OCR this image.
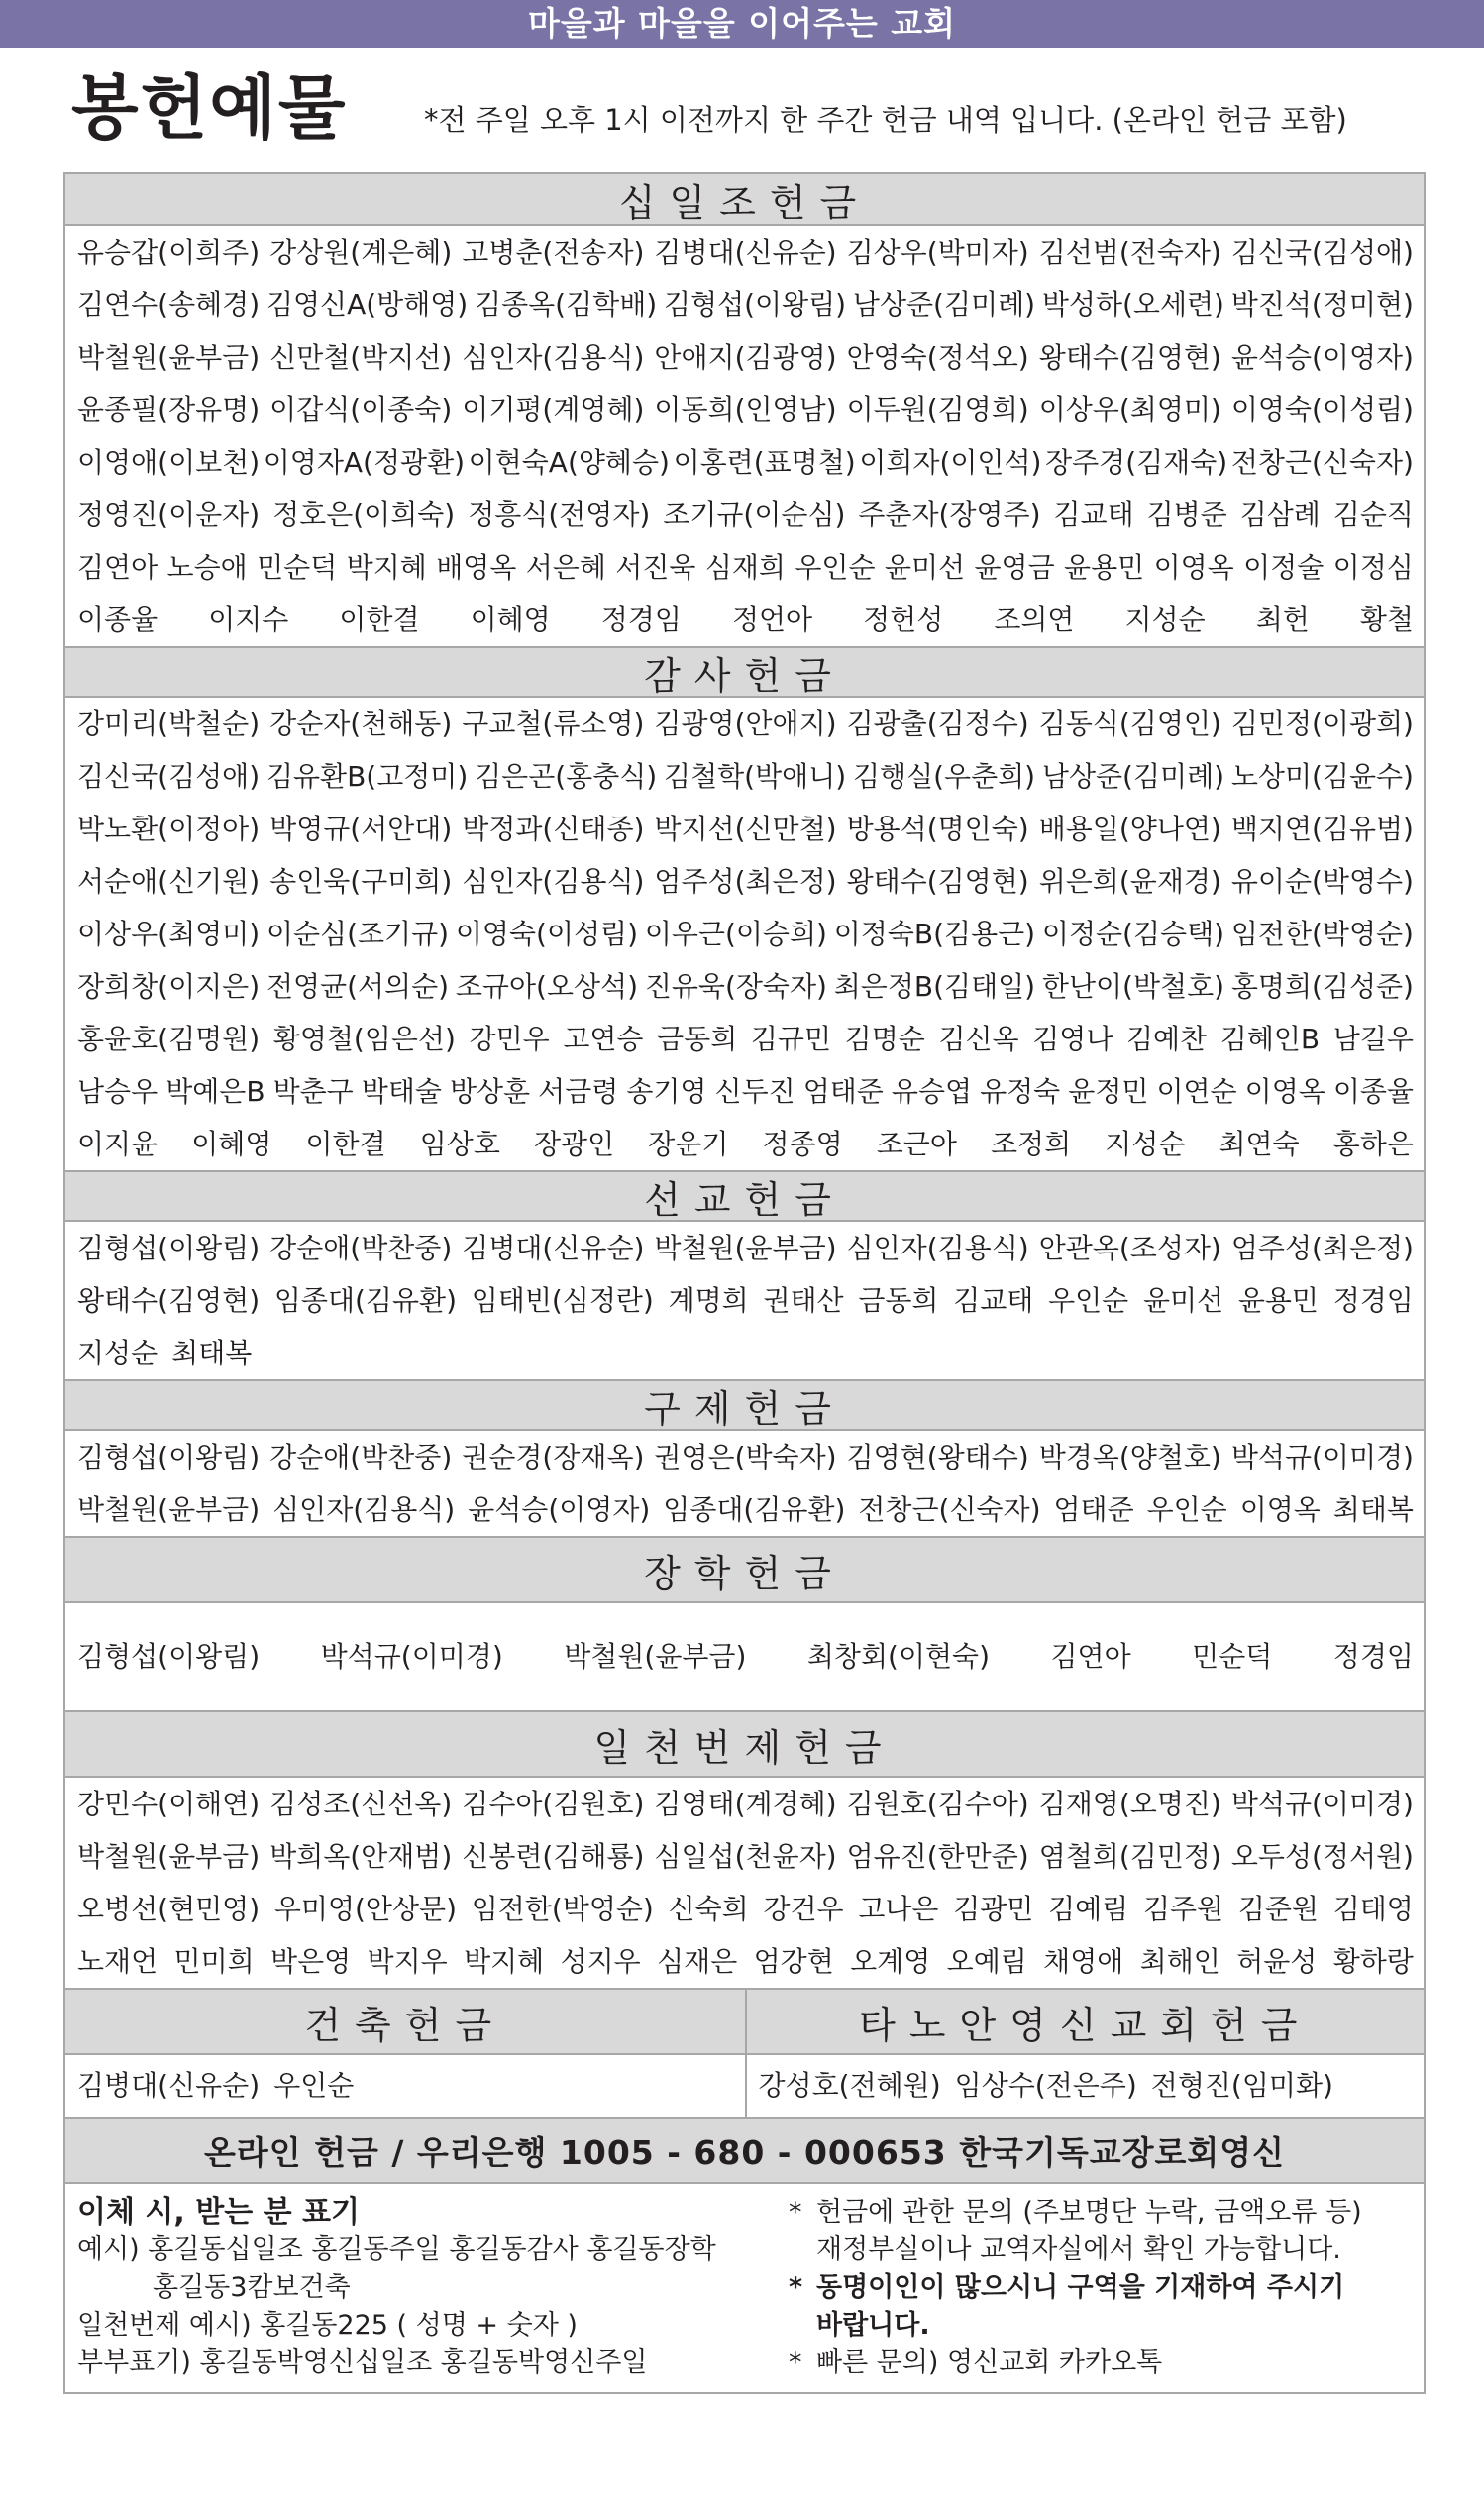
마을과 마을을 이어주는 교회
봉헌예물	*전 주일 오후 1시 이전까지 한 주간 헌금 내역 입니다. (온라인 헌금 포함)
십일조헌금
유승갑(이희주) 강상원(계은혜) 고병춘(전송자) 김병대(신유순) 김상우(박미자) 김선범(전숙자) 김신국(김성애)
김연수(송혜경) 김영신A(방해영) 김종옥(김학배) 김형섭(이왕림) 남상준(김미례) 박성하(오세련) 박진석(정미현)
박철원(윤부금) 신만철(박지선) 심인자(김용식) 안애지(김광영) 안영숙(정석오) 왕태수(김영현) 윤석승(이영자)
윤종필(장유명) 이갑식(이종숙) 이기평(계영혜) 이동희(인영남) 이두원(김영희) 이상우(최영미) 이영숙(이성림)
이영애(이보천) 이영자A(정광환) 이현숙A(양혜승) 이홍련(표명철) 이희자(이인석) 장주경(김재숙) 전창근(신숙자)
정영진(이운자) 정호은(이희숙) 정흥식(전영자) 조기규(이순심) 주춘자(장영주) 김교태 김병준 김삼례 김순직
김연아 노승애 민순덕 박지혜 배영옥 서은혜 서진욱 심재희 우인순 윤미선 윤영금 윤용민 이영옥 이정술 이정심
이종율 이지수 이한결 이혜영 정경임 정언아 정헌성 조의연 지성순 최헌 황철
감사헌금
강미리(박철순) 강순자(천해동) 구교철(류소영) 김광영(안애지) 김광출(김정수) 김동식(김영인) 김민정(이광희)
김신국(김성애) 김유환B(고정미) 김은곤(홍충식) 김철학(박애니) 김행실(우춘희) 남상준(김미례) 노상미(김윤수)
박노환(이정아) 박영규(서안대) 박정과(신태종) 박지선(신만철) 방용석(명인숙) 배용일(양나연) 백지연(김유범)
서순애(신기원) 송인욱(구미희) 심인자(김용식) 엄주성(최은정) 왕태수(김영현) 위은희(윤재경) 유이순(박영수)
이상우(최영미) 이순심(조기규) 이영숙(이성림) 이우근(이승희) 이정숙B(김용근) 이정순(김승택) 임전한(박영순)
장희창(이지은) 전영균(서의순) 조규아(오상석) 진유욱(장숙자) 최은정B(김태일) 한난이(박철호) 홍명희(김성준)
홍윤호(김명원) 황영철(임은선) 강민우 고연승 금동희 김규민 김명순 김신옥 김영나 김예찬 김혜인B 남길우
남승우 박예은B 박춘구 박태술 방상훈 서금령 송기영 신두진 엄태준 유승엽 유정숙 윤정민 이연순 이영옥 이종율
이지윤 이혜영 이한결 임상호 장광인 장운기 정종영 조근아 조정희 지성순 최연숙 홍하은
선교헌금
김형섭(이왕림) 강순애(박찬중) 김병대(신유순) 박철원(윤부금) 심인자(김용식) 안관옥(조성자) 엄주성(최은정)
왕태수(김영현) 임종대(김유환) 임태빈(심정란) 계명희 권태산 금동희 김교태 우인순 윤미선 윤용민 정경임
지성순 최태복
구제헌금
김형섭(이왕림) 강순애(박찬중) 권순경(장재옥) 권영은(박숙자) 김영현(왕태수) 박경옥(양철호) 박석규(이미경)
박철원(윤부금) 심인자(김용식) 윤석승(이영자) 임종대(김유환) 전창근(신숙자) 엄태준 우인순 이영옥 최태복
장학헌금
김형섭(이왕림) 박석규(이미경) 박철원(윤부금) 최창회(이현숙) 김연아 민순덕 정경임
일천번제헌금
강민수(이해연) 김성조(신선옥) 김수아(김원호) 김영태(계경혜) 김원호(김수아) 김재영(오명진) 박석규(이미경)
박철원(윤부금) 박희옥(안재범) 신봉련(김해룡) 심일섭(천윤자) 엄유진(한만준) 염철희(김민정) 오두성(정서원)
오병선(현민영) 우미영(안상문) 임전한(박영순) 신숙희 강건우 고나은 김광민 김예림 김주원 김준원 김태영
노재언 민미희 박은영 박지우 박지혜 성지우 심재은 엄강현 오계영 오예림 채영애 최해인 허윤성 황하랑
건축헌금
김병대(신유순) 우인순
타노안영신교회헌금
강성호(전혜원) 임상수(전은주) 전형진(임미화)
온라인 헌금 / 우리은행 1005 - 680 - 000653 한국기독교장로회영신
이체 시, 받는 분 표기
예시) 홍길동십일조 홍길동주일 홍길동감사 홍길동장학
홍길동3캄보건축
일천번제 예시) 홍길동225 ( 성명 + 숫자 )
부부표기) 홍길동박영신십일조 홍길동박영신주일
* 헌금에 관한 문의 (주보명단 누락, 금액오류 등)
재정부실이나 교역자실에서 확인 가능합니다.
* 동명이인이 많으시니 구역을 기재하여 주시기
바랍니다.
* 빠른 문의) 영신교회 카카오톡
